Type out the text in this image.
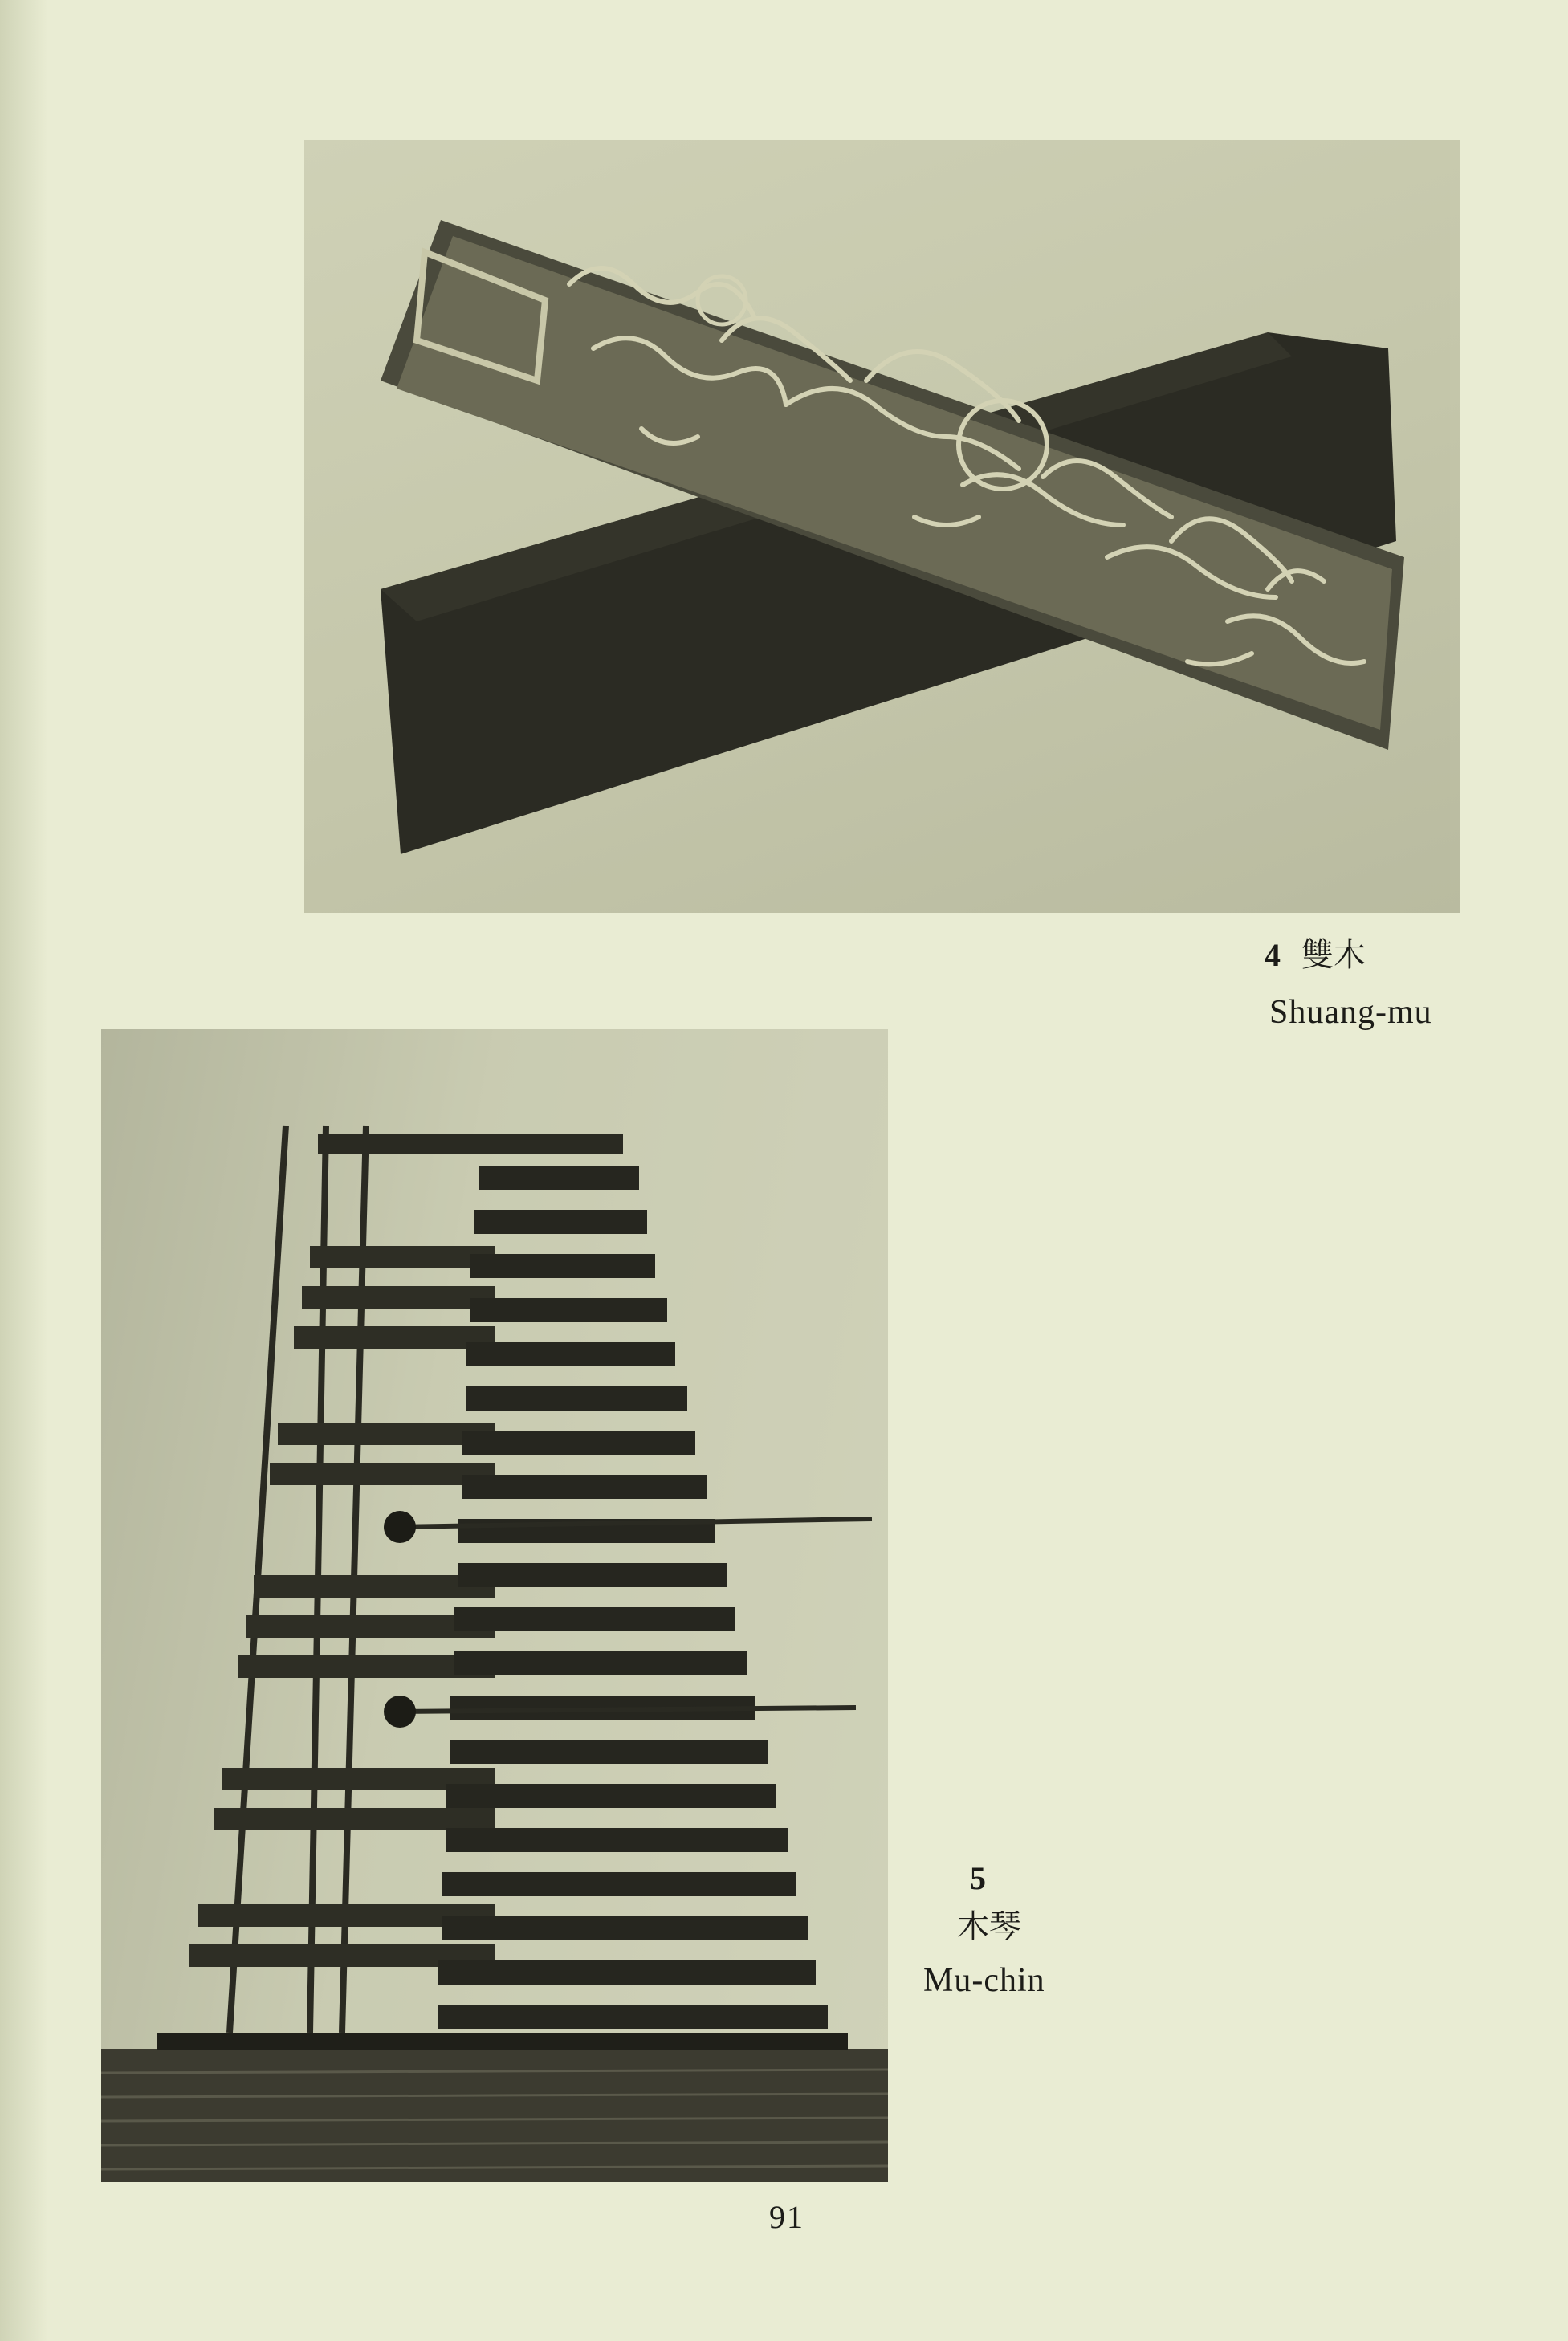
4 雙木
Shuang-mu
5
木琴
Mu-chin
91
